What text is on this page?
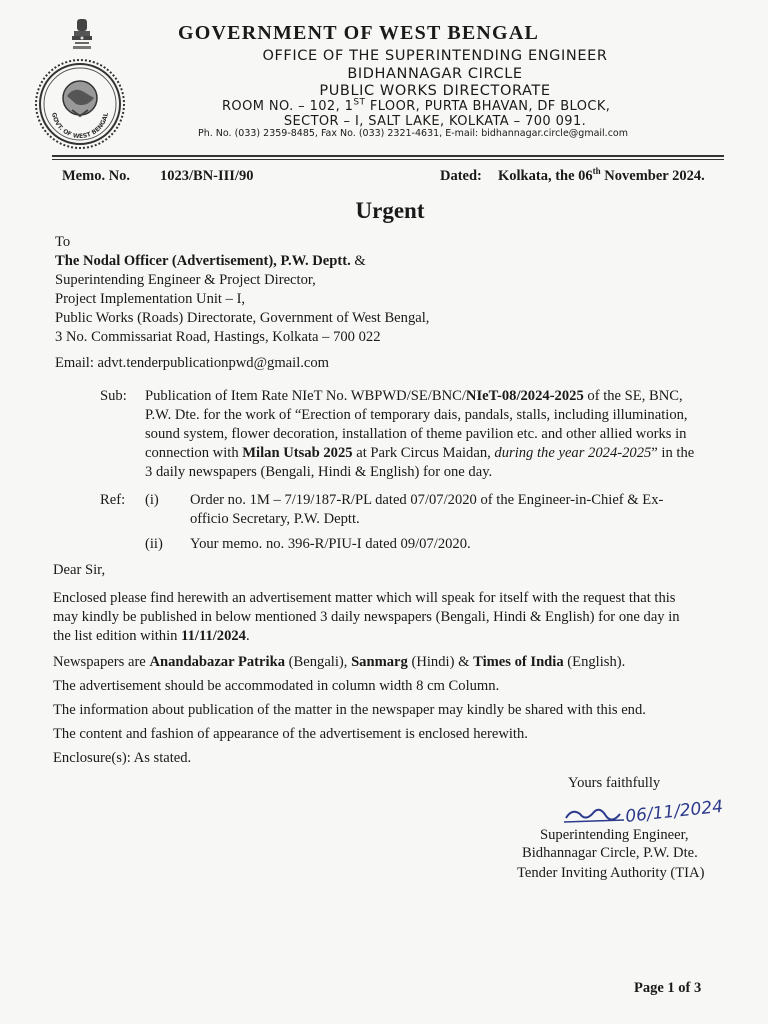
GOVT. OF WEST BENGAL
GOVERNMENT OF WEST BENGAL
OFFICE OF THE SUPERINTENDING ENGINEER
BIDHANNAGAR CIRCLE
PUBLIC WORKS DIRECTORATE
ROOM NO. – 102, 1ST FLOOR, PURTA BHAVAN, DF BLOCK,
SECTOR – I, SALT LAKE, KOLKATA – 700 091.
Ph. No. (033) 2359-8485, Fax No. (033) 2321-4631, E-mail: bidhannagar.circle@gmail.com
Memo. No. 1023/BN-III/90	Dated: Kolkata, the 06th November 2024.
Urgent
To
The Nodal Officer (Advertisement), P.W. Deptt. &
Superintending Engineer & Project Director,
Project Implementation Unit – I,
Public Works (Roads) Directorate, Government of West Bengal,
3 No. Commissariat Road, Hastings, Kolkata – 700 022
Email: advt.tenderpublicationpwd@gmail.com
Sub: Publication of Item Rate NIeT No. WBPWD/SE/BNC/NIeT-08/2024-2025 of the SE, BNC,
P.W. Dte. for the work of “Erection of temporary dais, pandals, stalls, including illumination,
sound system, flower decoration, installation of theme pavilion etc. and other allied works in
connection with Milan Utsab 2025 at Park Circus Maidan, during the year 2024-2025” in the
3 daily newspapers (Bengali, Hindi & English) for one day.
Ref: (i) Order no. 1M – 7/19/187-R/PL dated 07/07/2020 of the Engineer-in-Chief & Ex-
officio Secretary, P.W. Deptt.
(ii) Your memo. no. 396-R/PIU-I dated 09/07/2020.
Dear Sir,
Enclosed please find herewith an advertisement matter which will speak for itself with the request that this
may kindly be published in below mentioned 3 daily newspapers (Bengali, Hindi & English) for one day in
the list edition within 11/11/2024.
Newspapers are Anandabazar Patrika (Bengali), Sanmarg (Hindi) & Times of India (English).
The advertisement should be accommodated in column width 8 cm Column.
The information about publication of the matter in the newspaper may kindly be shared with this end.
The content and fashion of appearance of the advertisement is enclosed herewith.
Enclosure(s): As stated.
Yours faithfully
06/11/2024
Superintending Engineer,
Bidhannagar Circle, P.W. Dte.
Tender Inviting Authority (TIA)
Page 1 of 3
